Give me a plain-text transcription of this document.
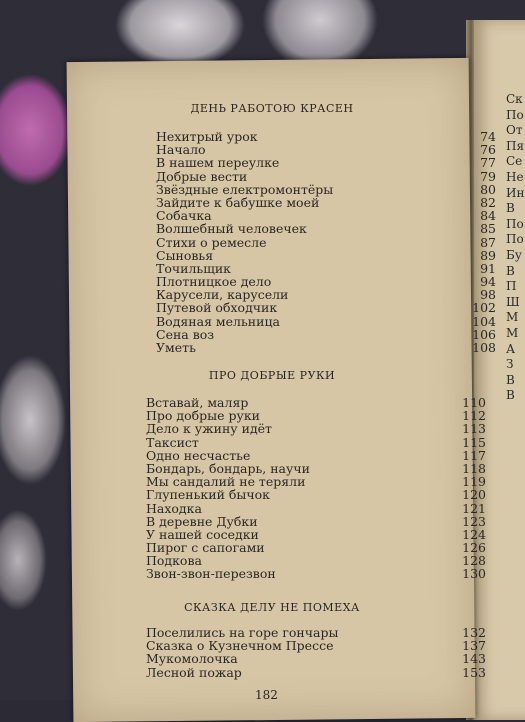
Ск
По
От
Пя
Се
Не
Ин
В
По
По
Бу
В
П
Ш
М
М
А
З
В
В
ДЕНЬ РАБОТОЮ КРАСЕН
Нехитрый урок	74
Начало	76
В нашем переулке	77
Добрые вести	79
Звёздные електромонтёры	80
Зайдите к бабушке моей	82
Собачка	84
Волшебный человечек	85
Стихи о ремесле	87
Сыновья	89
Точильщик	91
Плотницкое дело	94
Карусели, карусели	98
Путевой обходчик	102
Водяная мельница	104
Сена воз	106
Уметь	108
ПРО ДОБРЫЕ РУКИ
Вставай, маляр	110
Про добрые руки	112
Дело к ужину идёт	113
Таксист	115
Одно несчастье	117
Бондарь, бондарь, научи	118
Мы сандалий не теряли	119
Глупенький бычок	120
Находка	121
В деревне Дубки	123
У нашей соседки	124
Пирог с сапогами	126
Подкова	128
Звон-звон-перезвон	130
СКАЗКА ДЕЛУ НЕ ПОМЕХА
Поселились на горе гончары	132
Сказка о Кузнечном Прессе	137
Мукомолочка	143
Лесной пожар	153
182
